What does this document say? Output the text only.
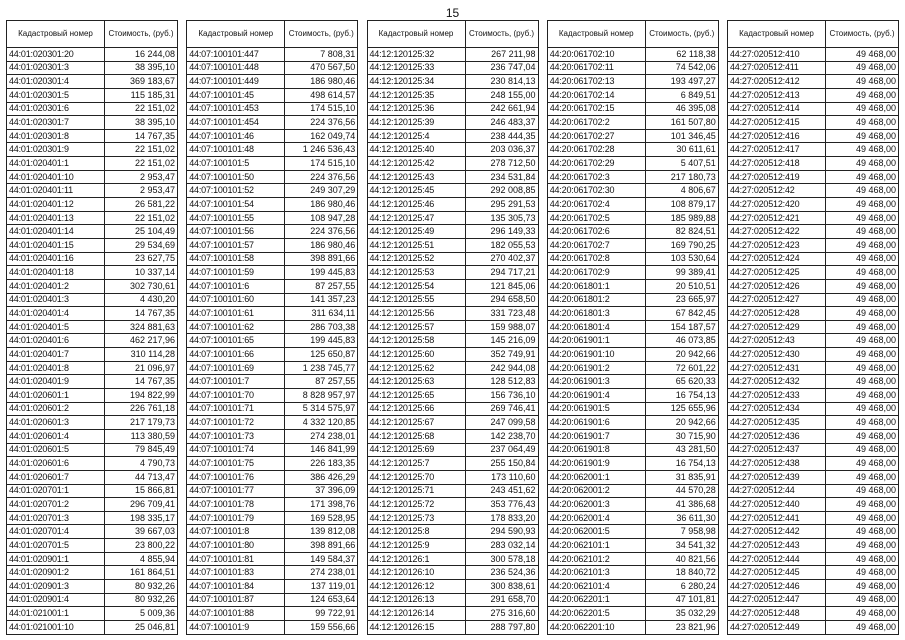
15
Кадастровый номер	Стоимость, (руб.)
44:01:020301:20	16 244,08
44:01:020301:3	38 395,10
44:01:020301:4	369 183,67
44:01:020301:5	115 185,31
44:01:020301:6	22 151,02
44:01:020301:7	38 395,10
44:01:020301:8	14 767,35
44:01:020301:9	22 151,02
44:01:020401:1	22 151,02
44:01:020401:10	2 953,47
44:01:020401:11	2 953,47
44:01:020401:12	26 581,22
44:01:020401:13	22 151,02
44:01:020401:14	25 104,49
44:01:020401:15	29 534,69
44:01:020401:16	23 627,75
44:01:020401:18	10 337,14
44:01:020401:2	302 730,61
44:01:020401:3	4 430,20
44:01:020401:4	14 767,35
44:01:020401:5	324 881,63
44:01:020401:6	462 217,96
44:01:020401:7	310 114,28
44:01:020401:8	21 096,97
44:01:020401:9	14 767,35
44:01:020601:1	194 822,99
44:01:020601:2	226 761,18
44:01:020601:3	217 179,73
44:01:020601:4	113 380,59
44:01:020601:5	79 845,49
44:01:020601:6	4 790,73
44:01:020601:7	44 713,47
44:01:020701:1	15 866,81
44:01:020701:2	296 709,41
44:01:020701:3	198 335,17
44:01:020701:4	39 667,03
44:01:020701:5	23 800,22
44:01:020901:1	4 855,94
44:01:020901:2	161 864,51
44:01:020901:3	80 932,26
44:01:020901:4	80 932,26
44:01:021001:1	5 009,36
44:01:021001:10	25 046,81
Кадастровый номер	Стоимость, (руб.)
44:07:100101:447	7 808,31
44:07:100101:448	470 567,50
44:07:100101:449	186 980,46
44:07:100101:45	498 614,57
44:07:100101:453	174 515,10
44:07:100101:454	224 376,56
44:07:100101:46	162 049,74
44:07:100101:48	1 246 536,43
44:07:100101:5	174 515,10
44:07:100101:50	224 376,56
44:07:100101:52	249 307,29
44:07:100101:54	186 980,46
44:07:100101:55	108 947,28
44:07:100101:56	224 376,56
44:07:100101:57	186 980,46
44:07:100101:58	398 891,66
44:07:100101:59	199 445,83
44:07:100101:6	87 257,55
44:07:100101:60	141 357,23
44:07:100101:61	311 634,11
44:07:100101:62	286 703,38
44:07:100101:65	199 445,83
44:07:100101:66	125 650,87
44:07:100101:69	1 238 745,77
44:07:100101:7	87 257,55
44:07:100101:70	8 828 957,97
44:07:100101:71	5 314 575,97
44:07:100101:72	4 332 120,85
44:07:100101:73	274 238,01
44:07:100101:74	146 841,99
44:07:100101:75	226 183,35
44:07:100101:76	386 426,29
44:07:100101:77	37 396,09
44:07:100101:78	171 398,76
44:07:100101:79	169 528,95
44:07:100101:8	139 812,08
44:07:100101:80	398 891,66
44:07:100101:81	149 584,37
44:07:100101:83	274 238,01
44:07:100101:84	137 119,01
44:07:100101:87	124 653,64
44:07:100101:88	99 722,91
44:07:100101:9	159 556,66
Кадастровый номер	Стоимость, (руб.)
44:12:120125:32	267 211,98
44:12:120125:33	236 747,04
44:12:120125:34	230 814,13
44:12:120125:35	248 155,00
44:12:120125:36	242 661,94
44:12:120125:39	246 483,37
44:12:120125:4	238 444,35
44:12:120125:40	203 036,37
44:12:120125:42	278 712,50
44:12:120125:43	234 531,84
44:12:120125:45	292 008,85
44:12:120125:46	295 291,53
44:12:120125:47	135 305,73
44:12:120125:49	296 149,33
44:12:120125:51	182 055,53
44:12:120125:52	270 402,37
44:12:120125:53	294 717,21
44:12:120125:54	121 845,06
44:12:120125:55	294 658,50
44:12:120125:56	331 723,48
44:12:120125:57	159 988,07
44:12:120125:58	145 216,09
44:12:120125:60	352 749,91
44:12:120125:62	242 944,08
44:12:120125:63	128 512,83
44:12:120125:65	156 736,10
44:12:120125:66	269 746,41
44:12:120125:67	247 099,58
44:12:120125:68	142 238,70
44:12:120125:69	237 064,49
44:12:120125:7	255 150,84
44:12:120125:70	173 110,60
44:12:120125:71	243 451,62
44:12:120125:72	353 776,43
44:12:120125:73	178 833,20
44:12:120125:8	294 590,93
44:12:120125:9	283 032,14
44:12:120126:1	300 578,18
44:12:120126:10	236 524,36
44:12:120126:12	300 838,61
44:12:120126:13	291 658,70
44:12:120126:14	275 316,60
44:12:120126:15	288 797,80
Кадастровый номер	Стоимость, (руб.)
44:20:061702:10	62 118,38
44:20:061702:11	74 542,06
44:20:061702:13	193 497,27
44:20:061702:14	6 849,51
44:20:061702:15	46 395,08
44:20:061702:2	161 507,80
44:20:061702:27	101 346,45
44:20:061702:28	30 611,61
44:20:061702:29	5 407,51
44:20:061702:3	217 180,73
44:20:061702:30	4 806,67
44:20:061702:4	108 879,17
44:20:061702:5	185 989,88
44:20:061702:6	82 824,51
44:20:061702:7	169 790,25
44:20:061702:8	103 530,64
44:20:061702:9	99 389,41
44:20:061801:1	20 510,51
44:20:061801:2	23 665,97
44:20:061801:3	67 842,45
44:20:061801:4	154 187,57
44:20:061901:1	46 073,85
44:20:061901:10	20 942,66
44:20:061901:2	72 601,22
44:20:061901:3	65 620,33
44:20:061901:4	16 754,13
44:20:061901:5	125 655,96
44:20:061901:6	20 942,66
44:20:061901:7	30 715,90
44:20:061901:8	43 281,50
44:20:061901:9	16 754,13
44:20:062001:1	31 835,91
44:20:062001:2	44 570,28
44:20:062001:3	41 386,68
44:20:062001:4	36 611,30
44:20:062001:5	7 958,98
44:20:062101:1	34 541,32
44:20:062101:2	40 821,56
44:20:062101:3	18 840,72
44:20:062101:4	6 280,24
44:20:062201:1	47 101,81
44:20:062201:5	35 032,29
44:20:062201:10	23 821,96
Кадастровый номер	Стоимость, (руб.)
44:27:020512:410	49 468,00
44:27:020512:411	49 468,00
44:27:020512:412	49 468,00
44:27:020512:413	49 468,00
44:27:020512:414	49 468,00
44:27:020512:415	49 468,00
44:27:020512:416	49 468,00
44:27:020512:417	49 468,00
44:27:020512:418	49 468,00
44:27:020512:419	49 468,00
44:27:020512:42	49 468,00
44:27:020512:420	49 468,00
44:27:020512:421	49 468,00
44:27:020512:422	49 468,00
44:27:020512:423	49 468,00
44:27:020512:424	49 468,00
44:27:020512:425	49 468,00
44:27:020512:426	49 468,00
44:27:020512:427	49 468,00
44:27:020512:428	49 468,00
44:27:020512:429	49 468,00
44:27:020512:43	49 468,00
44:27:020512:430	49 468,00
44:27:020512:431	49 468,00
44:27:020512:432	49 468,00
44:27:020512:433	49 468,00
44:27:020512:434	49 468,00
44:27:020512:435	49 468,00
44:27:020512:436	49 468,00
44:27:020512:437	49 468,00
44:27:020512:438	49 468,00
44:27:020512:439	49 468,00
44:27:020512:44	49 468,00
44:27:020512:440	49 468,00
44:27:020512:441	49 468,00
44:27:020512:442	49 468,00
44:27:020512:443	49 468,00
44:27:020512:444	49 468,00
44:27:020512:445	49 468,00
44:27:020512:446	49 468,00
44:27:020512:447	49 468,00
44:27:020512:448	49 468,00
44:27:020512:449	49 468,00
